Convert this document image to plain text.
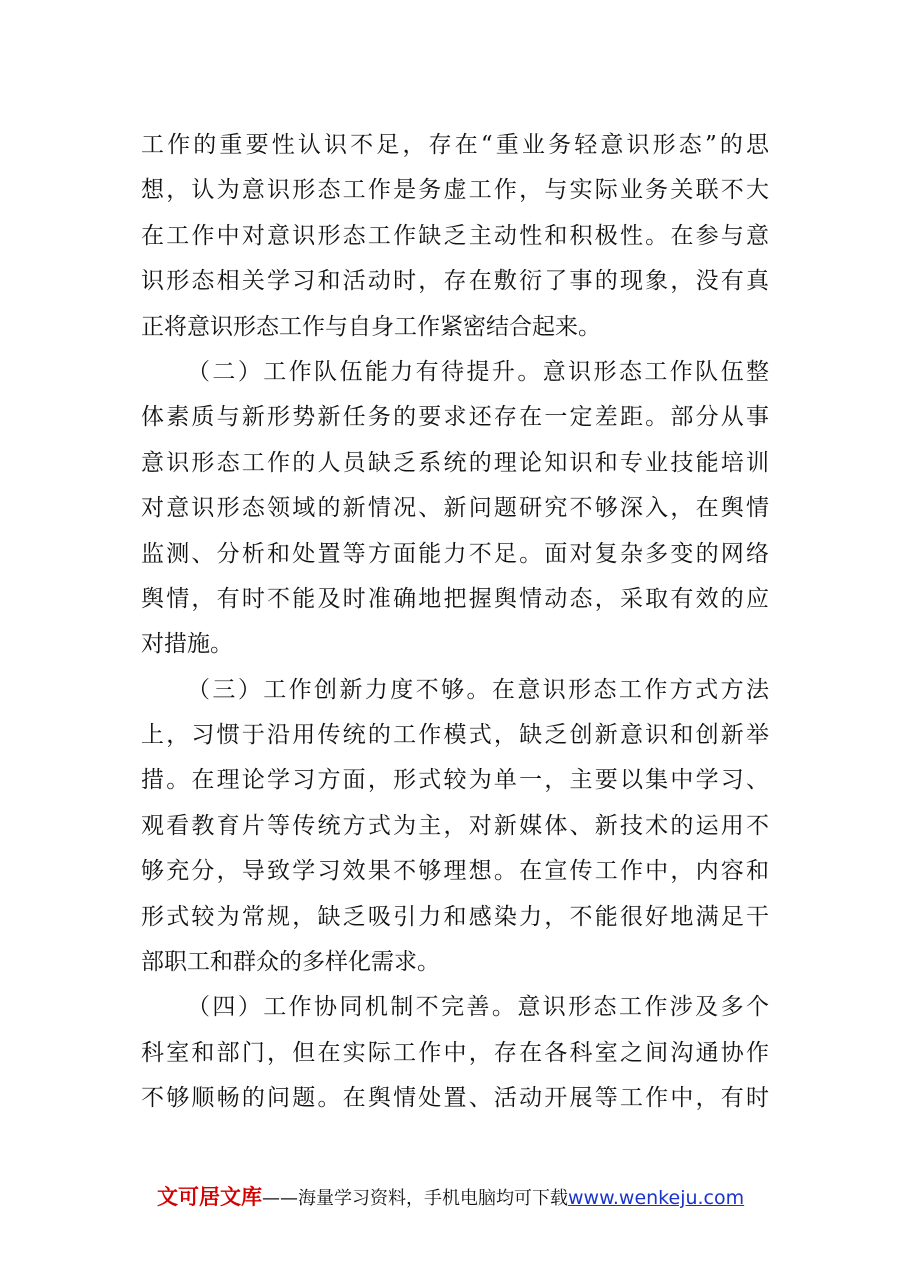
工作的重要性认识不足，存在“重业务轻意识形态”的思
想，认为意识形态工作是务虚工作，与实际业务关联不大
在工作中对意识形态工作缺乏主动性和积极性。在参与意
识形态相关学习和活动时，存在敷衍了事的现象，没有真
正将意识形态工作与自身工作紧密结合起来。
（二）工作队伍能力有待提升。意识形态工作队伍整
体素质与新形势新任务的要求还存在一定差距。部分从事
意识形态工作的人员缺乏系统的理论知识和专业技能培训
对意识形态领域的新情况、新问题研究不够深入，在舆情
监测、分析和处置等方面能力不足。面对复杂多变的网络
舆情，有时不能及时准确地把握舆情动态，采取有效的应
对措施。
（三）工作创新力度不够。在意识形态工作方式方法
上，习惯于沿用传统的工作模式，缺乏创新意识和创新举
措。在理论学习方面，形式较为单一，主要以集中学习、
观看教育片等传统方式为主，对新媒体、新技术的运用不
够充分，导致学习效果不够理想。在宣传工作中，内容和
形式较为常规，缺乏吸引力和感染力，不能很好地满足干
部职工和群众的多样化需求。
（四）工作协同机制不完善。意识形态工作涉及多个
科室和部门，但在实际工作中，存在各科室之间沟通协作
不够顺畅的问题。在舆情处置、活动开展等工作中，有时
文可居文库——海量学习资料，手机电脑均可下载www.wenkeju.com
